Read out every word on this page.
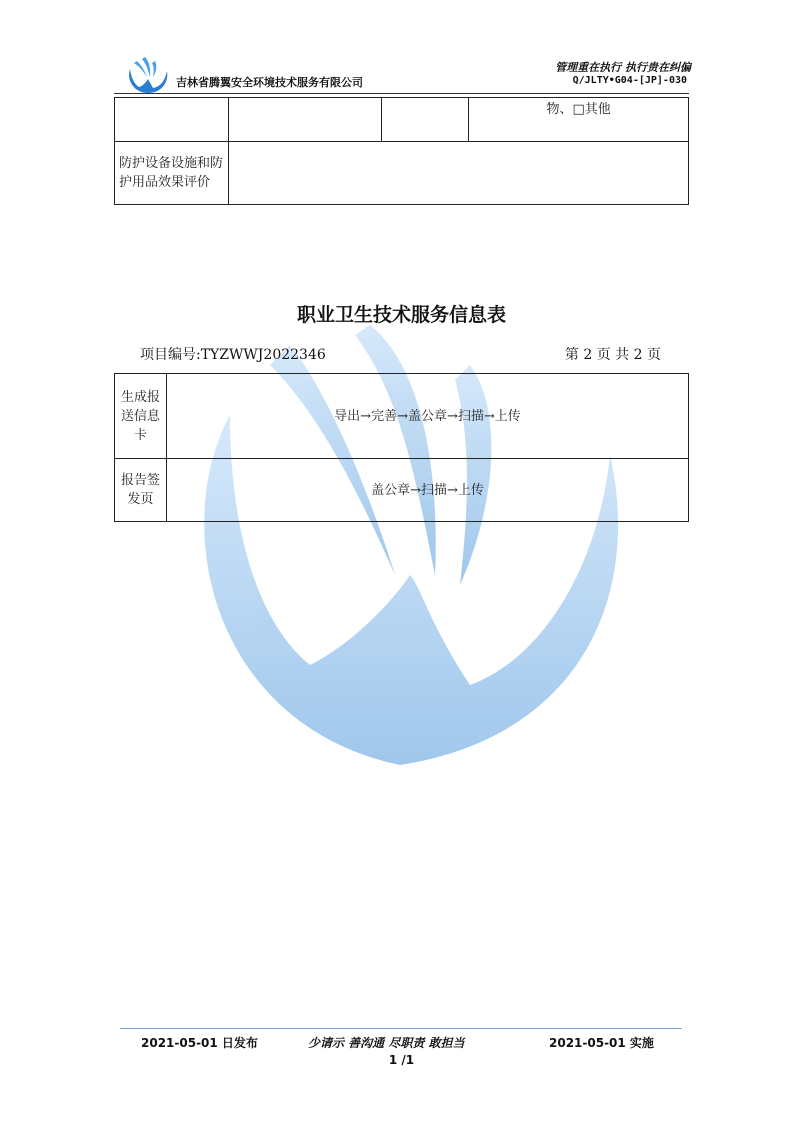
吉林省腾翼安全环境技术服务有限公司
管理重在执行 执行贵在纠偏
Q/JLTY•G04-[JP]-030
			物、□其他
防护设备设施和防护用品效果评价			
职业卫生技术服务信息表
项目编号:TYZWWJ2022346	第 2 页 共 2 页
生成报送信息卡	导出→完善→盖公章→扫描→上传
报告签发页	盖公章→扫描→上传
2021-05-01 日发布	少请示 善沟通 尽职责 敢担当	2021-05-01 实施
1 /1
